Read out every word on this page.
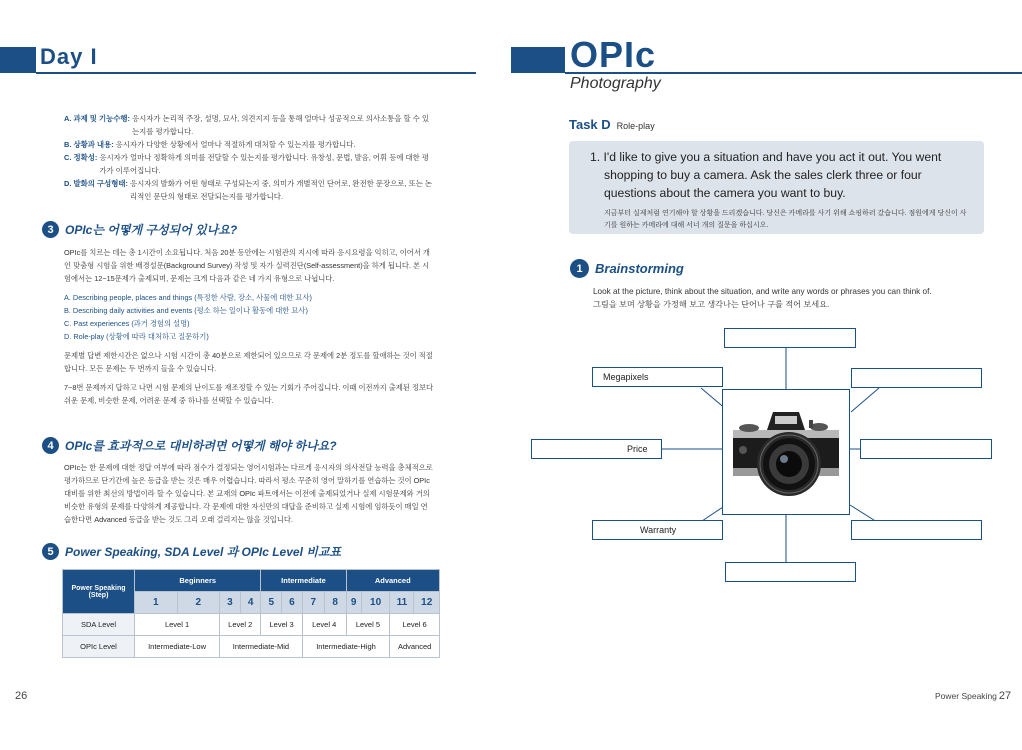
Day I
A. 과제 및 기능수행: 응시자가 논리적 주장, 설명, 묘사, 의견지지 등을 통해 얼마나 성공적으로 의사소통을 할 수 있는지를 평가합니다.
B. 상황과 내용: 응시자가 다양한 상황에서 얼마나 적절하게 대처할 수 있는지를 평가합니다.
C. 정확성: 응시자가 얼마나 정확하게 의미를 전달할 수 있는지를 평가합니다. 유창성, 문법, 발음, 어휘 등에 대한 평가가 이루어집니다.
D. 발화의 구성형태: 응시자의 발화가 어떤 형태로 구성되는지 중, 의미가 개별적인 단어로, 완전한 문장으로, 또는 논리적인 문단의 형태로 전달되는지를 평가합니다.
3 OPIc는 어떻게 구성되어 있나요?

OPIc를 치르는 데는 총 1시간이 소요됩니다. 처음 20분 동안에는 시험관의 지시에 따라 응시요령을 익히고, 이어서 개인 맞춤형 시험을 위한 배경설문(Background Survey) 작성 및 자가 실력진단(Self-assessment)을 하게 됩니다. 본 시험에서는 12~15문제가 출제되며, 문제는 크게 다음과 같은 네 가지 유형으로 나뉩니다.

A. Describing people, places and things (특정한 사람, 장소, 사물에 대한 묘사)
B. Describing daily activities and events (평소 하는 일이나 활동에 대한 묘사)
C. Past experiences (과거 경험의 설명)
D. Role-play (상황에 따라 대처하고 질문하기)

문제별 답변 제한시간은 없으나 시험 시간이 총 40분으로 제한되어 있으므로 각 문제에 2분 정도를 할애하는 것이 적절합니다. 모든 문제는 두 번까지 들을 수 있습니다.

7~8번 문제까지 답하고 나면 시험 문제의 난이도를 재조정할 수 있는 기회가 주어집니다. 이때 이전까지 출제된 정보다 쉬운 문제, 비슷한 문제, 어려운 문제 중 하나를 선택할 수 있습니다.

4 OPIc를 효과적으로 대비하려면 어떻게 해야 하나요?

OPIc는 한 문제에 대한 정답 여부에 따라 점수가 결정되는 영어시험과는 다르게 응시자의 의사전달 능력을 총체적으로 평가하므로 단기간에 높은 등급을 받는 것은 매우 어렵습니다. 따라서 평소 꾸준히 영어 말하기를 연습하는 것이 OPIc 대비를 위한 최선의 방법이라 할 수 있습니다. 본 교재의 OPIc 파트에서는 이전에 출제되었거나 실제 시험문제와 거의 비슷한 유형의 문제를 다양하게 제공합니다. 각 문제에 대한 자신만의 대답을 준비하고 실제 시험에 임하듯이 매일 연습한다면 Advanced 등급을 받는 것도 그리 오래 걸리지는 않을 것입니다.

5 Power Speaking, SDA Level 과 OPIc Level 비교표
Power Speaking (Step)	Beginners				Intermediate				Advanced			
	1	2	3	4	5	6	7	8	9	10	11	12
SDA Level	Level 1		Level 2		Level 3		Level 4		Level 5		Level 6	
OPIc Level	Intermediate-Low		Intermediate-Mid				Intermediate-High				Advanced	
26
OPIc
Photography
Task D Role-play

1. I'd like to give you a situation and have you act it out. You went shopping to buy a camera. Ask the sales clerk three or four questions about the camera you want to buy.

지금부터 실제처럼 연기해야 할 상황을 드리겠습니다. 당신은 카메라를 사기 위해 쇼핑하러 갔습니다. 점원에게 당신이 사기를 원하는 카메라에 대해 서너 개의 질문을 하십시오.

1 Brainstorming

Look at the picture, think about the situation, and write any words or phrases you can think of.

그림을 보며 상황을 가정해 보고 생각나는 단어나 구를 적어 보세요.

Megapixels
Price
Warranty
Power Speaking 27
